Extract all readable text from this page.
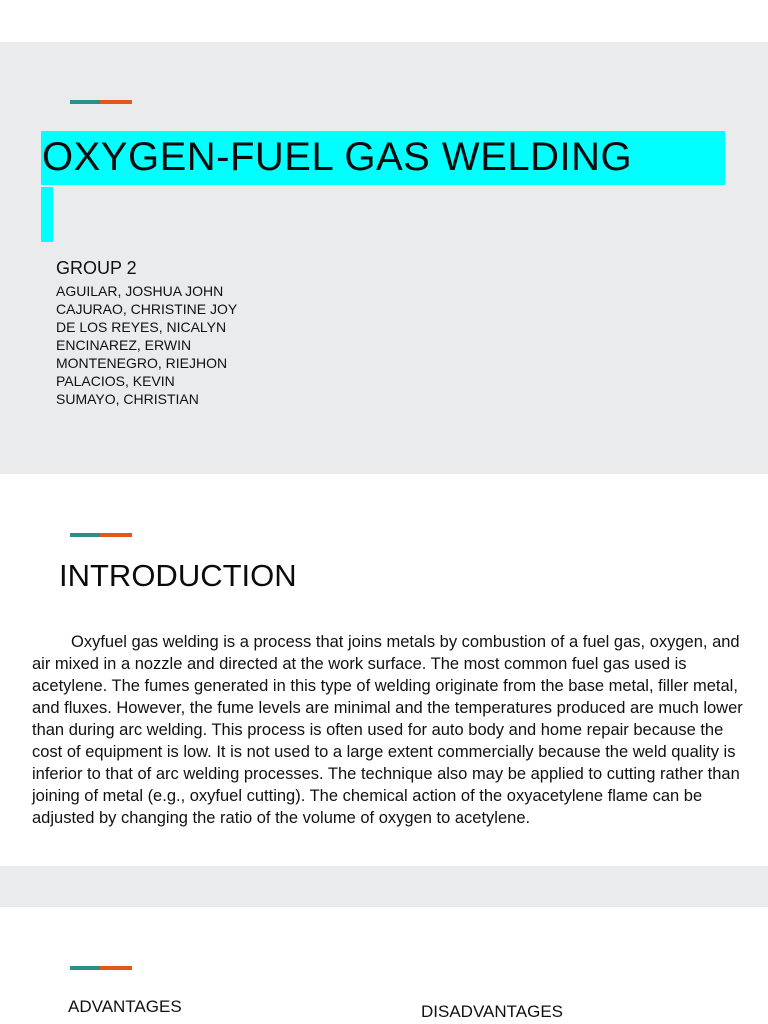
OXYGEN-FUEL GAS WELDING
GROUP 2
AGUILAR, JOSHUA JOHN
CAJURAO, CHRISTINE JOY
DE LOS REYES, NICALYN
ENCINAREZ, ERWIN
MONTENEGRO, RIEJHON
PALACIOS, KEVIN
SUMAYO, CHRISTIAN
INTRODUCTION

Oxyfuel gas welding is a process that joins metals by combustion of a fuel gas, oxygen, and air mixed in a nozzle and directed at the work surface. The most common fuel gas used is acetylene. The fumes generated in this type of welding originate from the base metal, filler metal, and fluxes. However, the fume levels are minimal and the temperatures produced are much lower than during arc welding. This process is often used for auto body and home repair because the cost of equipment is low. It is not used to a large extent commercially because the weld quality is inferior to that of arc welding processes. The technique also may be applied to cutting rather than joining of metal (e.g., oxyfuel cutting). The chemical action of the oxyacetylene flame can be adjusted by changing the ratio of the volume of oxygen to acetylene.

ADVANTAGES	DISADVANTAGES
